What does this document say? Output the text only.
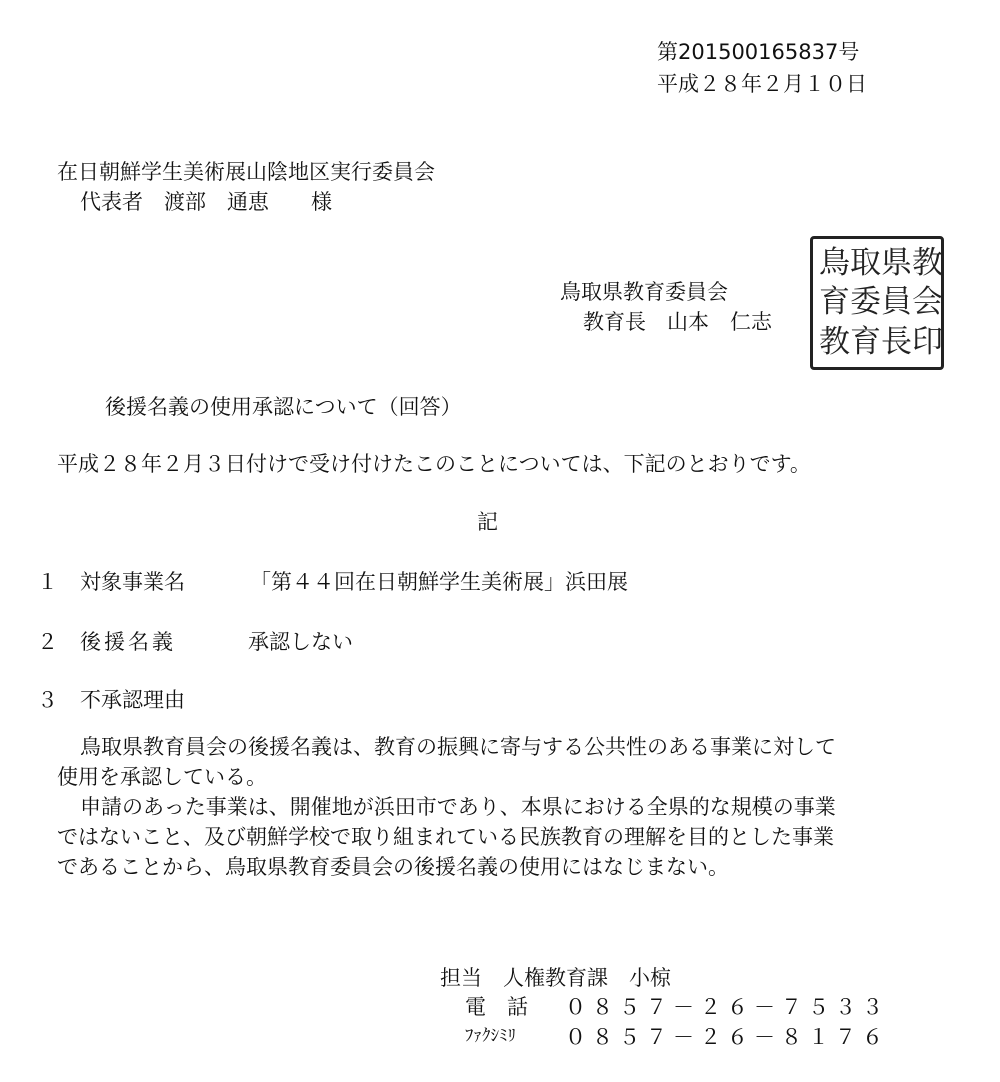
第201500165837号
平成２８年２月１０日
在日朝鮮学生美術展山陰地区実行委員会
代表者　渡部　通恵　　様
鳥取県教育委員会
教育長　山本　仁志
鳥
育
教
取
委
育
県
員
長
教
会
印
後援名義の使用承認について（回答）
平成２８年２月３日付けで受け付けたこのことについては、下記のとおりです。
記
１ 対象事業名	「第４４回在日朝鮮学生美術展」浜田展
２ 後援名義	承認しない
３ 不承認理由
鳥取県教育員会の後援名義は、教育の振興に寄与する公共性のある事業に対して
使用を承認している。
申請のあった事業は、開催地が浜田市であり、本県における全県的な規模の事業
ではないこと、及び朝鮮学校で取り組まれている民族教育の理解を目的とした事業
であることから、鳥取県教育委員会の後援名義の使用にはなじまない。
担当　人権教育課　小椋
電　話 ０８５７－２６－７５３３
ﾌｧｸｼﾐﾘ ０８５７－２６－８１７６
